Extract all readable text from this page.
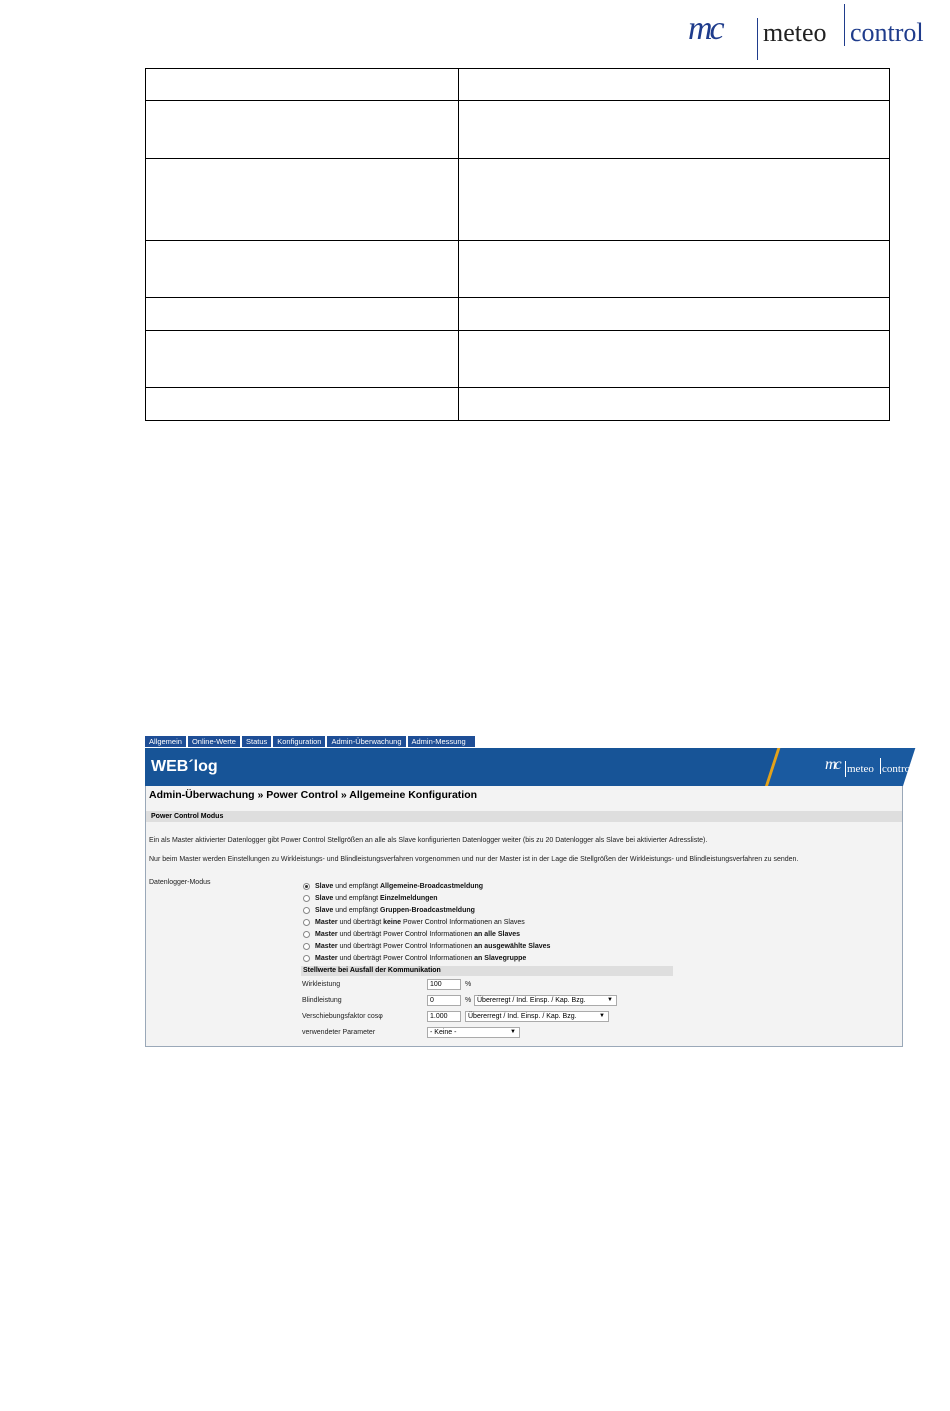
mc meteo control

Allgemein	Online-Werte	Status	Konfiguration	Admin-Überwachung	Admin-Messung
WEB´log	mc meteo control
Admin-Überwachung » Power Control » Allgemeine Konfiguration
Power Control Modus
Ein als Master aktivierter Datenlogger gibt Power Control Stellgrößen an alle als Slave konfigurierten Datenlogger weiter (bis zu 20 Datenlogger als Slave bei aktivierter Adressliste).
Nur beim Master werden Einstellungen zu Wirkleistungs- und Blindleistungsverfahren vorgenommen und nur der Master ist in der Lage die Stellgrößen der Wirkleistungs- und Blindleistungsverfahren zu senden.
Datenlogger-Modus
Slave und empfängt Allgemeine-Broadcastmeldung
Slave und empfängt Einzelmeldungen
Slave und empfängt Gruppen-Broadcastmeldung
Master und überträgt keine Power Control Informationen an Slaves
Master und überträgt Power Control Informationen an alle Slaves
Master und überträgt Power Control Informationen an ausgewählte Slaves
Master und überträgt Power Control Informationen an Slavegruppe
Stellwerte bei Ausfall der Kommunikation
Wirkleistung	100	%
Blindleistung	0	% Übererregt / Ind. Einsp. / Kap. Bzg.	▼
Verschiebungsfaktor cosφ	1.000	Übererregt / Ind. Einsp. / Kap. Bzg.	▼
verwendeter Parameter	- Keine -	▼
